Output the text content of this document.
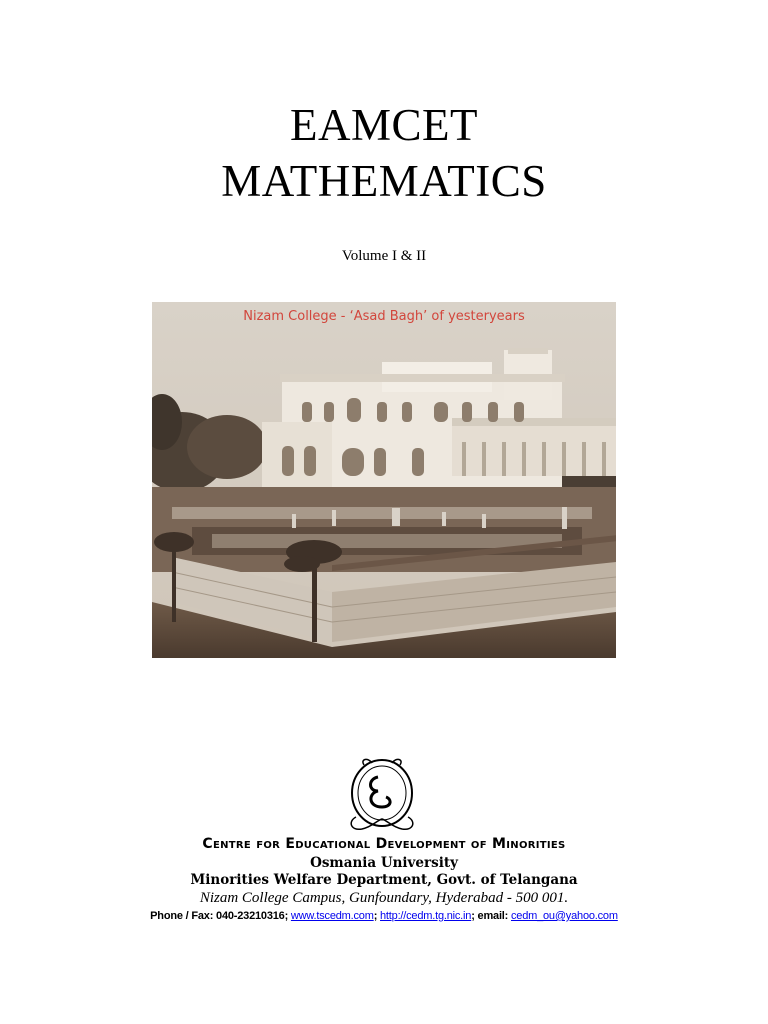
EAMCET
MATHEMATICS
Volume I & II
Nizam College - ‘Asad Bagh’ of yesteryears
Centre for Educational Development of Minorities
Osmania University
Minorities Welfare Department, Govt. of Telangana
Nizam College Campus, Gunfoundary, Hyderabad - 500 001.
Phone / Fax: 040-23210316; www.tscedm.com; http://cedm.tg.nic.in; email: cedm_ou@yahoo.com
